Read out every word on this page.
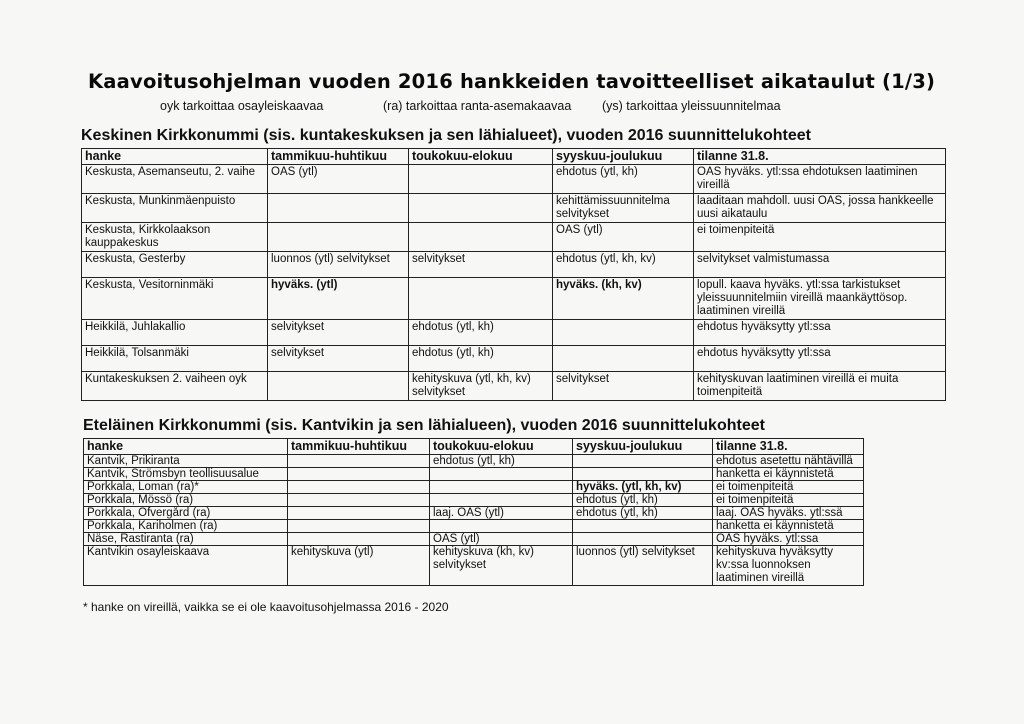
Kaavoitusohjelman vuoden 2016 hankkeiden tavoitteelliset aikataulut (1/3)
oyk tarkoittaa osayleiskaavaa	(ra) tarkoittaa ranta-asemakaavaa (ys) tarkoittaa yleissuunnitelmaa
Keskinen Kirkkonummi (sis. kuntakeskuksen ja sen lähialueet), vuoden 2016 suunnittelukohteet
hanke	tammikuu-huhtikuu	toukokuu-elokuu	syyskuu-joulukuu	tilanne 31.8.
Keskusta, Asemanseutu, 2. vaihe	OAS (ytl)		ehdotus (ytl, kh)	OAS hyväks. ytl:ssa ehdotuksen laatiminen vireillä
Keskusta, Munkinmäenpuisto			kehittämissuunnitelma selvitykset	laaditaan mahdoll. uusi OAS, jossa hankkeelle uusi aikataulu
Keskusta, Kirkkolaakson kauppakeskus			OAS (ytl)	ei toimenpiteitä
Keskusta, Gesterby	luonnos (ytl) selvitykset	selvitykset	ehdotus (ytl, kh, kv)	selvitykset valmistumassa
Keskusta, Vesitorninmäki	hyväks. (ytl)		hyväks. (kh, kv)	lopull. kaava hyväks. ytl:ssa tarkistukset yleissuunnitelmiin vireillä maankäyttösop. laatiminen vireillä
Heikkilä, Juhlakallio	selvitykset	ehdotus (ytl, kh)		ehdotus hyväksytty ytl:ssa
Heikkilä, Tolsanmäki	selvitykset	ehdotus (ytl, kh)		ehdotus hyväksytty ytl:ssa
Kuntakeskuksen 2. vaiheen oyk		kehityskuva (ytl, kh, kv) selvitykset	selvitykset	kehityskuvan laatiminen vireillä ei muita toimenpiteitä
Eteläinen Kirkkonummi (sis. Kantvikin ja sen lähialueen), vuoden 2016 suunnittelukohteet
hanke	tammikuu-huhtikuu	toukokuu-elokuu	syyskuu-joulukuu	tilanne 31.8.
Kantvik, Prikiranta		ehdotus (ytl, kh)		ehdotus asetettu nähtävillä
Kantvik, Strömsbyn teollisuusalue				hanketta ei käynnistetä
Porkkala, Loman (ra)*			hyväks. (ytl, kh, kv)	ei toimenpiteitä
Porkkala, Mössö (ra)			ehdotus (ytl, kh)	ei toimenpiteitä
Porkkala, Öfvergård (ra)		laaj. OAS (ytl)	ehdotus (ytl, kh)	laaj. OAS hyväks. ytl:ssä
Porkkala, Kariholmen (ra)				hanketta ei käynnistetä
Näse, Rastiranta (ra)		OAS (ytl)		OAS hyväks. ytl:ssa
Kantvikin osayleiskaava	kehityskuva (ytl)	kehityskuva (kh, kv) selvitykset	luonnos (ytl) selvitykset	kehityskuva hyväksytty kv:ssa luonnoksen laatiminen vireillä
* hanke on vireillä, vaikka se ei ole kaavoitusohjelmassa 2016 - 2020
